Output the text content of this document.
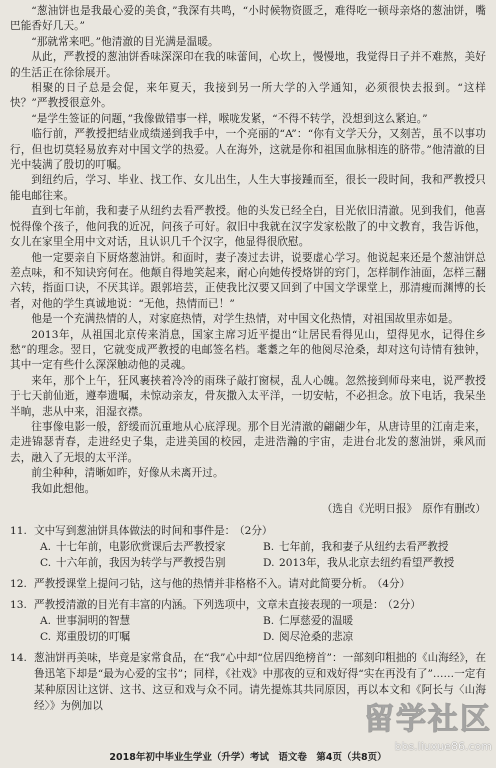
“葱油饼也是我最心爱的美食，”我深有共鸣，“小时候物资匮乏，难得吃一顿母亲烙的葱油饼，嘴巴能香好几天。”

“那就常来吧。”他清澈的目光满是温暖。

从此，严教授的葱油饼香味深深印在我的味蕾间，心坎上，慢慢地，我觉得日子并不难熬，美好的生活正在徐徐展开。

相聚的日子总是会促，来年夏天，我接到另一所大学的入学通知，必须很快去报到。“这样快？”严教授很意外。

“是学生签证的问题，”我像做错事一样，喉咙发紧，“不得不转学，没想到这么紧迫。”

临行前，严教授把结业成绩递到我手中，一个亮丽的“A”：“你有文学天分，又刻苦，虽不以事功行，但也切莫轻易放弃对中国文学的热爱。人在海外，这就是你和祖国血脉相连的脐带。”他清澈的目光中装满了殷切的叮嘱。

到纽约后，学习、毕业、找工作、女儿出生，人生大事接踵而至，很长一段时间，我和严教授只能电邮往来。

直到七年前，我和妻子从纽约去看严教授。他的头发已经全白，目光依旧清澈。见到我们，他喜悦得像个孩子，他问我的近况，问孩子可好。叙旧中我就在汉字发家松散了的中文教育，我告诉他，女儿在家里全用中文对话，且认识几千个汉字，他显得很欣慰。

他一定要亲自下厨烙葱油饼。和面时，妻子凑过去讲，说要虚心学习。他说起来还是个葱油饼总差点味，和不知诀窍何在。他颠自得地笑起来，耐心向她传授烙饼的窍门，怎样制作油面，怎样三翻六转，指面口诀，不厌其详。跟郭培芸，正使我比汉要又回到了中国文学课堂上，那清瘦而渊博的长者，对他的学生真诚地说：“无他，热情而已！”

他是一个充满热情的人，对家庭热情，对学生热情，对中国文化热情，对祖国故里赤如是。

2013年，从祖国北京传来消息，国家主席习近平提出“让居民看得见山，望得见水，记得住乡愁”的理念。翌日，它就变成严教授的电邮签名档。耄耋之年的他阅尽沧桑，却对这句诗情有独钟，其中一定有些什么深深触动他的灵魂。

来年，那个上午，狂风裹挟着冷冷的雨珠子敲打窗棂，乱人心魄。忽然接到师母来电，说严教授于七天前仙逝，遵奉遗嘱，未惊动亲友，骨灰撒入太平洋，一切安帖，不必担念。放下电话，我呆坐半晌，悲从中来，泪湿衣襟。

往事像电影一般，舒缓而沉重地从心底浮现。那个目光清澈的翩翩少年，从唐诗里的江南走来，走进锦瑟青春，走进经史子集，走进美国的校园，走进浩瀚的宇宙，走进台北发的葱油饼，乘风而去，融入了无垠的太平洋。

前尘种种，清晰如昨，好像从未离开过。

我如此想他。

（选自《光明日报》　原作有删改）
11. 文中写到葱油饼具体做法的时间和事件是： （2分）
A. 十七年前，电影欣赏课后去严教授家	B. 七年前，我和妻子从纽约去看严教授
C. 十六年前，我因为转学与严教授告别	D. 2013年，我从北京去纽约看望严教授
12. 严教授课堂上提问刁钻，这与他的热情并非格格不入。请对此简要分析。 （4分）
13. 严教授清澈的目光有丰富的内涵。下列选项中，文章未直接表现的一项是： （2分）
A. 世事洞明的智慧	B. 仁厚慈爱的温暖
C. 郑重殷切的叮嘱	D. 阅尽沧桑的悲凉
14. 葱油饼再美味，毕竟是家常食品，在“我”心中却“位居四绝榜首”：一部刻印粗拙的《山海经》，在鲁迅笔下却是“最为心爱的宝书”；同样，《社戏》中那夜的豆和戏好得“实在再没有了”……一定有某种原因让这饼、这书、这豆和戏与众不同。请先提炼其共同原因，再以本文和《阿长与〈山海经〉》为例加以
2018年初中毕业生学业（升学）考试　语文卷　第4页（共8页）
留学社区
bbs.liuxue86.com
